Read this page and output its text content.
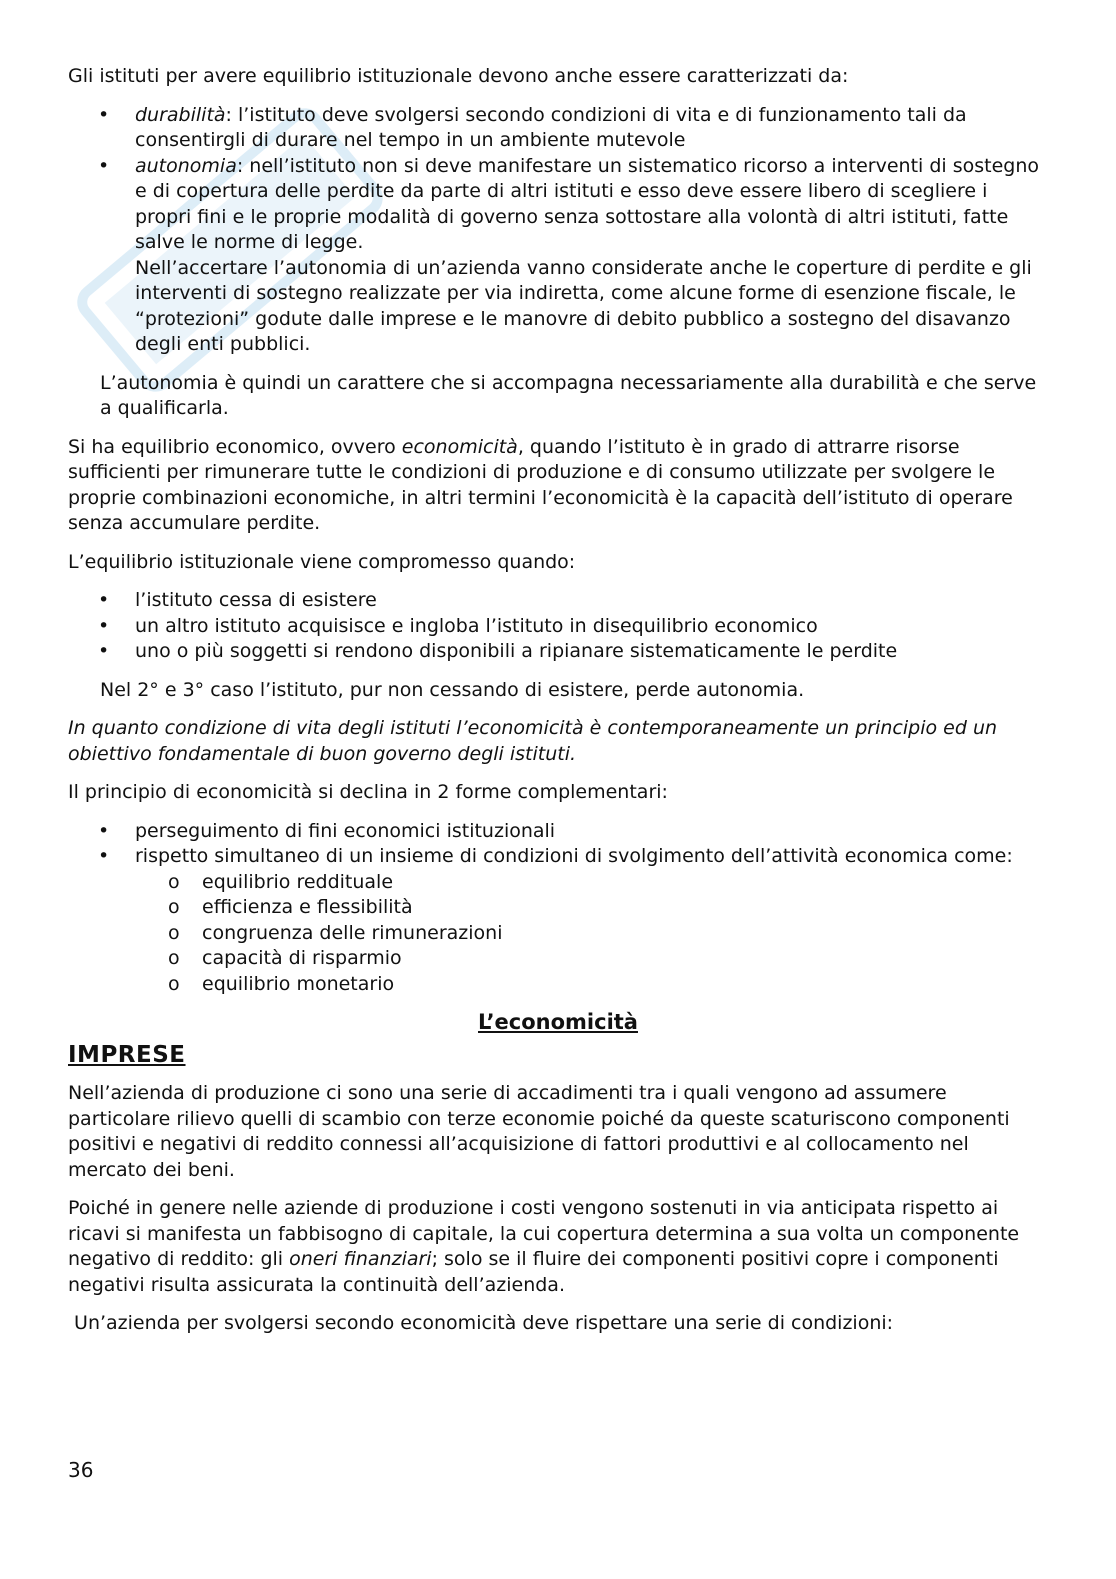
Gli istituti per avere equilibrio istituzionale devono anche essere caratterizzati da:

• durabilità: l’istituto deve svolgersi secondo condizioni di vita e di funzionamento tali da consentirgli di durare nel tempo in un ambiente mutevole
• autonomia: nell’istituto non si deve manifestare un sistematico ricorso a interventi di sostegno e di copertura delle perdite da parte di altri istituti e esso deve essere libero di scegliere i propri fini e le proprie modalità di governo senza sottostare alla volontà di altri istituti, fatte salve le norme di legge.
Nell’accertare l’autonomia di un’azienda vanno considerate anche le coperture di perdite e gli interventi di sostegno realizzate per via indiretta, come alcune forme di esenzione fiscale, le “protezioni” godute dalle imprese e le manovre di debito pubblico a sostegno del disavanzo degli enti pubblici.

L’autonomia è quindi un carattere che si accompagna necessariamente alla durabilità e che serve a qualificarla.

Si ha equilibrio economico, ovvero economicità, quando l’istituto è in grado di attrarre risorse sufficienti per rimunerare tutte le condizioni di produzione e di consumo utilizzate per svolgere le proprie combinazioni economiche, in altri termini l’economicità è la capacità dell’istituto di operare senza accumulare perdite.

L’equilibrio istituzionale viene compromesso quando:

• l’istituto cessa di esistere
• un altro istituto acquisisce e ingloba l’istituto in disequilibrio economico
• uno o più soggetti si rendono disponibili a ripianare sistematicamente le perdite

Nel 2° e 3° caso l’istituto, pur non cessando di esistere, perde autonomia.

In quanto condizione di vita degli istituti l’economicità è contemporaneamente un principio ed un obiettivo fondamentale di buon governo degli istituti.

Il principio di economicità si declina in 2 forme complementari:

• perseguimento di fini economici istituzionali
• rispetto simultaneo di un insieme di condizioni di svolgimento dell’attività economica come:
o equilibrio reddituale
o efficienza e flessibilità
o congruenza delle rimunerazioni
o capacità di risparmio
o equilibrio monetario

L’economicità

IMPRESE

Nell’azienda di produzione ci sono una serie di accadimenti tra i quali vengono ad assumere particolare rilievo quelli di scambio con terze economie poiché da queste scaturiscono componenti positivi e negativi di reddito connessi all’acquisizione di fattori produttivi e al collocamento nel mercato dei beni.

Poiché in genere nelle aziende di produzione i costi vengono sostenuti in via anticipata rispetto ai ricavi si manifesta un fabbisogno di capitale, la cui copertura determina a sua volta un componente negativo di reddito: gli oneri finanziari; solo se il fluire dei componenti positivi copre i componenti negativi risulta assicurata la continuità dell’azienda.

Un’azienda per svolgersi secondo economicità deve rispettare una serie di condizioni:

36
